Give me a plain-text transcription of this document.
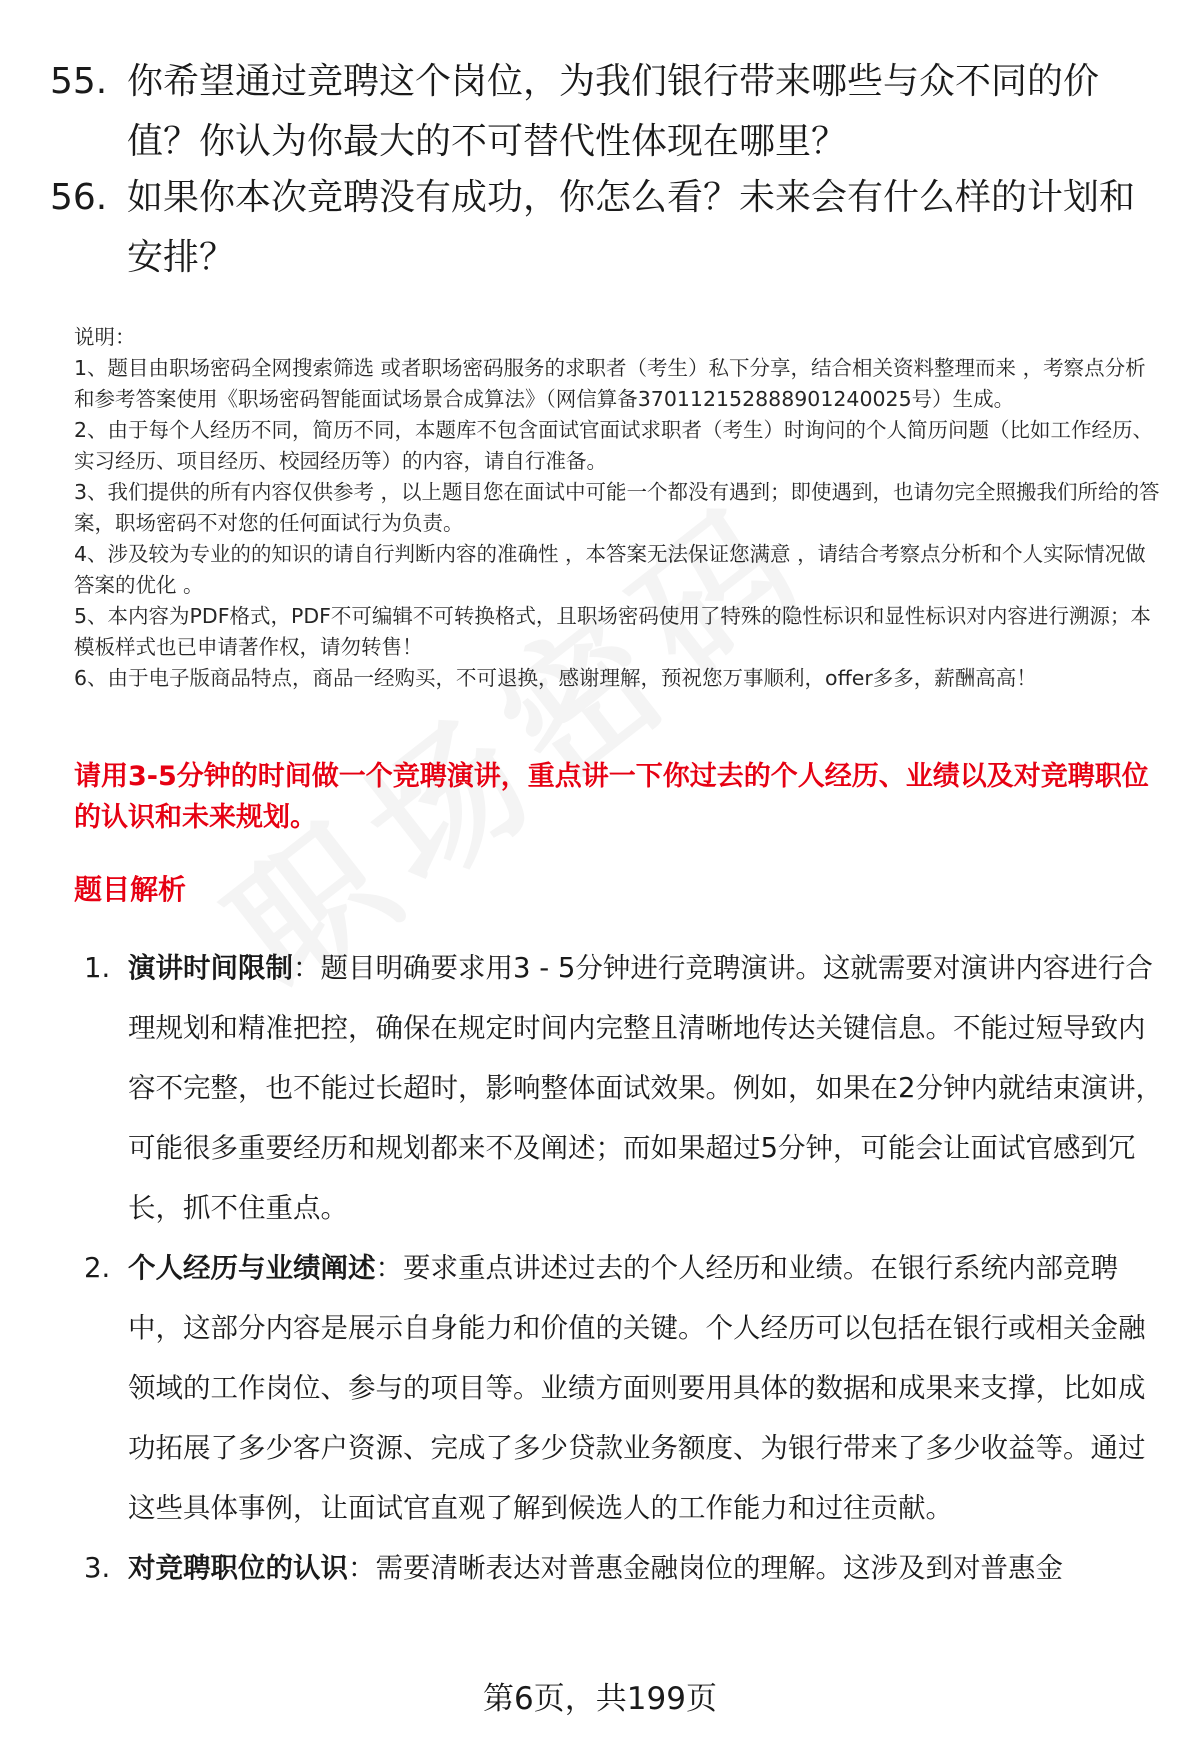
55. 你希望通过竞聘这个岗位，为我们银行带来哪些与众不同的价值？你认为你最大的不可替代性体现在哪里？
56. 如果你本次竞聘没有成功，你怎么看？未来会有什么样的计划和安排？

说明：

1、题目由职场密码全网搜索筛选 或者职场密码服务的求职者（考生）私下分享，结合相关资料整理而来 ，考察点分析和参考答案使用《职场密码智能面试场景合成算法》（网信算备370112152888901240025号）生成。

2、由于每个人经历不同，简历不同，本题库不包含面试官面试求职者（考生）时询问的个人简历问题（比如工作经历、实习经历、项目经历、校园经历等）的内容，请自行准备。

3、我们提供的所有内容仅供参考 ，以上题目您在面试中可能一个都没有遇到；即使遇到，也请勿完全照搬我们所给的答案，职场密码不对您的任何面试行为负责。

4、涉及较为专业的的知识的请自行判断内容的准确性 ，本答案无法保证您满意 ，请结合考察点分析和个人实际情况做答案的优化 。

5、本内容为PDF格式，PDF不可编辑不可转换格式，且职场密码使用了特殊的隐性标识和显性标识对内容进行溯源；本模板样式也已申请著作权，请勿转售！

6、由于电子版商品特点，商品一经购买，不可退换，感谢理解，预祝您万事顺利，offer多多，薪酬高高！

请用3-5分钟的时间做一个竞聘演讲，重点讲一下你过去的个人经历、业绩以及对竞聘职位的认识和未来规划。
题目解析
1. 演讲时间限制：题目明确要求用3 - 5分钟进行竞聘演讲。这就需要对演讲内容进行合理规划和精准把控，确保在规定时间内完整且清晰地传达关键信息。不能过短导致内容不完整，也不能过长超时，影响整体面试效果。例如，如果在2分钟内就结束演讲，可能很多重要经历和规划都来不及阐述；而如果超过5分钟，可能会让面试官感到冗长，抓不住重点。
2. 个人经历与业绩阐述：要求重点讲述过去的个人经历和业绩。在银行系统内部竞聘中，这部分内容是展示自身能力和价值的关键。个人经历可以包括在银行或相关金融领域的工作岗位、参与的项目等。业绩方面则要用具体的数据和成果来支撑，比如成功拓展了多少客户资源、完成了多少贷款业务额度、为银行带来了多少收益等。通过这些具体事例，让面试官直观了解到候选人的工作能力和过往贡献。
3. 对竞聘职位的认识：需要清晰表达对普惠金融岗位的理解。这涉及到对普惠金
第6页，共199页
